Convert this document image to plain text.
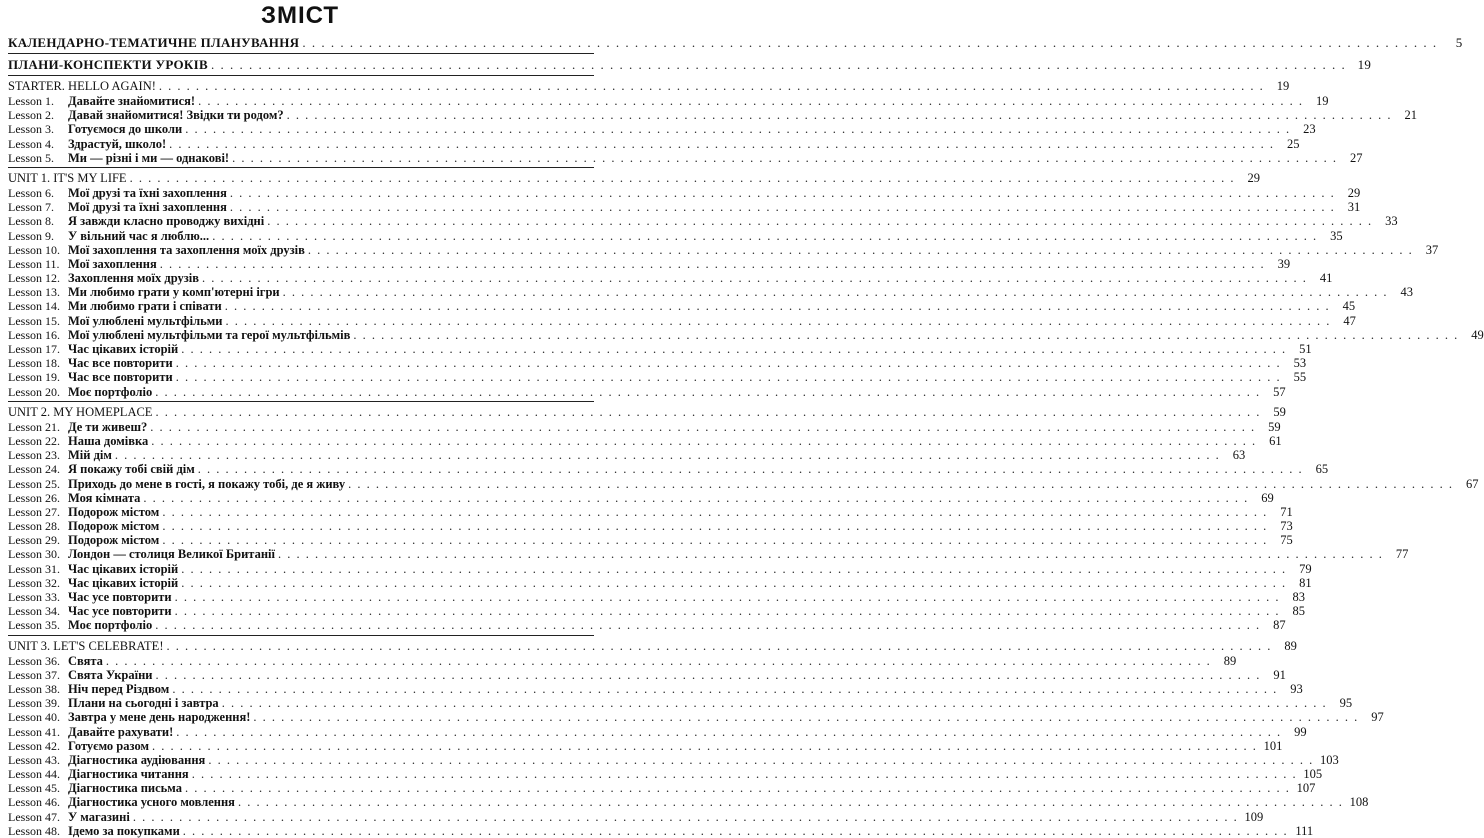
ЗМІСТ
КАЛЕНДАРНО-ТЕМАТИЧНЕ ПЛАНУВАННЯ . . .	5
ПЛАНИ-КОНСПЕКТИ УРОКІВ . . .	19
STARTER. HELLO AGAIN! . . .	19
Lesson 1.	Давайте знайомитися! . . .	19
Lesson 2.	Давай знайомитися! Звідки ти родом? . . .	21
Lesson 3.	Готуємося до школи . . .	23
Lesson 4.	Здрастуй, школо! . . .	25
Lesson 5.	Ми — різні і ми — однакові! . . .	27
UNIT 1. IT'S MY LIFE . . .	29
Lesson 6.	Мої друзі та їхні захоплення . . .	29
Lesson 7.	Мої друзі та їхні захоплення . . .	31
Lesson 8.	Я завжди класно проводжу вихідні . . .	33
Lesson 9.	У вільний час я люблю... . . .	35
Lesson 10. Мої захоплення та захоплення моїх друзів . . .	37
Lesson 11. Мої захоплення . . .	39
Lesson 12. Захоплення моїх друзів . . .	41
Lesson 13. Ми любимо грати у комп'ютерні ігри . . .	43
Lesson 14. Ми любимо грати і співати . . .	45
Lesson 15. Мої улюблені мультфільми . . .	47
Lesson 16. Мої улюблені мультфільми та герої мультфільмів . . .	49
Lesson 17. Час цікавих історій . . .	51
Lesson 18. Час все повторити . . .	53
Lesson 19. Час все повторити . . .	55
Lesson 20. Моє портфоліо . . .	57
UNIT 2. MY HOMEPLACE . . .	59
Lesson 21. Де ти живеш? . . .	59
Lesson 22. Наша домівка . . .	61
Lesson 23. Мій дім . . .	63
Lesson 24. Я покажу тобі свій дім . . .	65
Lesson 25. Приходь до мене в гості, я покажу тобі, де я живу . . .	67
Lesson 26. Моя кімната . . .	69
Lesson 27. Подорож містом . . .	71
Lesson 28. Подорож містом . . .	73
Lesson 29. Подорож містом . . .	75
Lesson 30. Лондон — столиця Великої Британії . . .	77
Lesson 31. Час цікавих історій . . .	79
Lesson 32. Час цікавих історій . . .	81
Lesson 33. Час усе повторити . . .	83
Lesson 34. Час усе повторити . . .	85
Lesson 35. Моє портфоліо . . .	87
UNIT 3. LET'S CELEBRATE! . . .	89
Lesson 36. Свята . . .	89
Lesson 37. Свята України . . .	91
Lesson 38. Ніч перед Різдвом . . .	93
Lesson 39. Плани на сьогодні і завтра . . .	95
Lesson 40. Завтра у мене день народження! . . .	97
Lesson 41. Давайте рахувати! . . .	99
Lesson 42. Готуємо разом . . .	101
Lesson 43. Діагностика аудіювання . . .	103
Lesson 44. Діагностика читання . . .	105
Lesson 45. Діагностика письма . . .	107
Lesson 46. Діагностика усного мовлення . . .	108
Lesson 47. У магазині . . .	109
Lesson 48. Ідемо за покупками . . .	111
